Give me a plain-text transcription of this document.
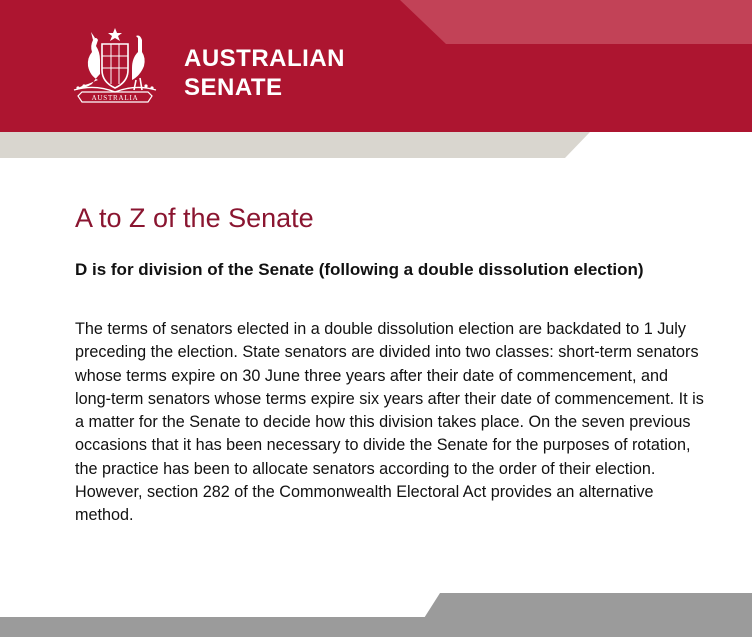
AUSTRALIA
AUSTRALIAN
SENATE
A to Z of the Senate
D is for division of the Senate (following a double dissolution election)

The terms of senators elected in a double dissolution election are backdated to 1 July preceding the election. State senators are divided into two classes: short-term senators whose terms expire on 30 June three years after their date of commencement, and long-term senators whose terms expire six years after their date of commencement. It is a matter for the Senate to decide how this division takes place. On the seven previous occasions that it has been necessary to divide the Senate for the purposes of rotation, the practice has been to allocate senators according to the order of their election. However, section 282 of the Commonwealth Electoral Act provides an alternative method.
